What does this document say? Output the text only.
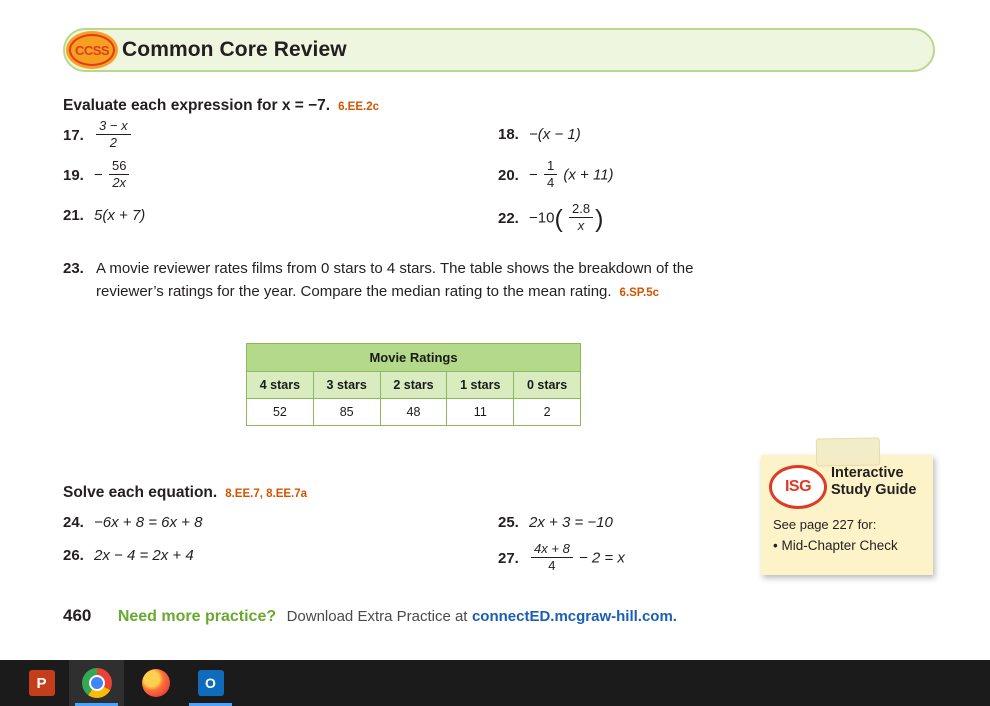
CCSS Common Core Review
Evaluate each expression for x = −7. 6.EE.2c
17. $\frac{3 - x}{2}$	18. −(x − 1)
19. − $\frac{56}{2x}$	20. − $\frac{1}{4} (x + 11)$
21. 5(x + 7)	22. $-10( \frac{2.8}{x}$ )
23. A movie reviewer rates films from 0 stars to 4 stars. The table shows the breakdown of the reviewer’s ratings for the year. Compare the median rating to the mean rating. 6.SP.5c
Movie Ratings				
4 stars	3 stars	2 stars	1 stars	0 stars
52	85	48	11	2
Solve each equation. 8.EE.7, 8.EE.7a
24. −6x + 8 = 6x + 8	25. 2x + 3 = −10
26. 2x − 4 = 2x + 4	27. $\frac{4x + 8}{4} - 2 = x$
ISG
Interactive
Study Guide
See page 227 for:
• Mid-Chapter Check
460 Need more practice? Download Extra Practice at connectED.mcgraw-hill.com.
P	O
